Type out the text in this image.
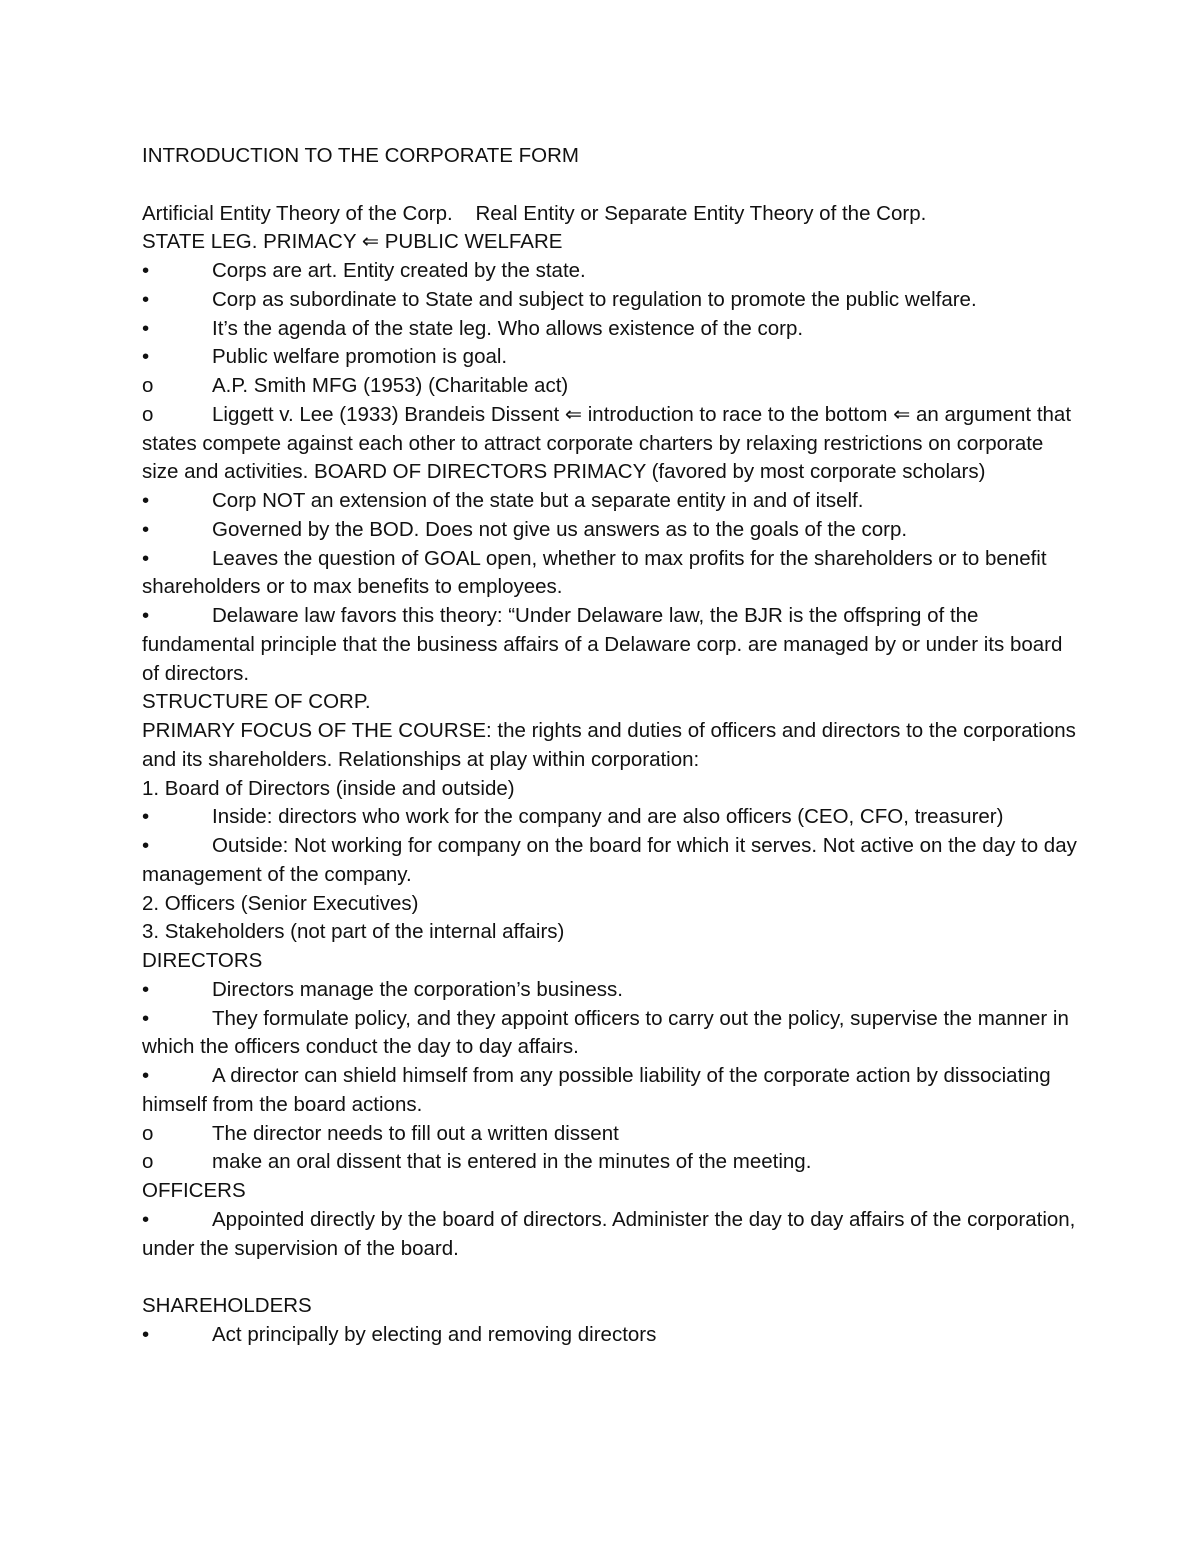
INTRODUCTION TO THE CORPORATE FORM

Artificial Entity Theory of the Corp.    Real Entity or Separate Entity Theory of the Corp.

STATE LEG. PRIMACY ⇐ PUBLIC WELFARE

•	Corps are art. Entity created by the state.

•	Corp as subordinate to State and subject to regulation to promote the public welfare.

•	It’s the agenda of the state leg. Who allows existence of the corp.

•	Public welfare promotion is goal.

o	A.P. Smith MFG (1953) (Charitable act)

o	Liggett v. Lee (1933) Brandeis Dissent ⇐ introduction to race to the bottom ⇐ an argument that states compete against each other to attract corporate charters by relaxing restrictions on corporate size and activities. BOARD OF DIRECTORS PRIMACY (favored by most corporate scholars)

•	Corp NOT an extension of the state but a separate entity in and of itself.

•	Governed by the BOD. Does not give us answers as to the goals of the corp.

•	Leaves the question of GOAL open, whether to max profits for the shareholders or to benefit shareholders or to max benefits to employees.

•	Delaware law favors this theory: “Under Delaware law, the BJR is the offspring of the fundamental principle that the business affairs of a Delaware corp. are managed by or under its board of directors.

STRUCTURE OF CORP.

PRIMARY FOCUS OF THE COURSE: the rights and duties of officers and directors to the corporations and its shareholders. Relationships at play within corporation:

1. Board of Directors (inside and outside)

•	Inside: directors who work for the company and are also officers (CEO, CFO, treasurer)

•	Outside: Not working for company on the board for which it serves. Not active on the day to day management of the company.

2. Officers (Senior Executives)

3. Stakeholders (not part of the internal affairs)

DIRECTORS

•	Directors manage the corporation’s business.

•	They formulate policy, and they appoint officers to carry out the policy, supervise the manner in which the officers conduct the day to day affairs.

•	A director can shield himself from any possible liability of the corporate action by dissociating himself from the board actions.

o	The director needs to fill out a written dissent

o	make an oral dissent that is entered in the minutes of the meeting.

OFFICERS

•	Appointed directly by the board of directors. Administer the day to day affairs of the corporation, under the supervision of the board.

SHAREHOLDERS

•	Act principally by electing and removing directors
